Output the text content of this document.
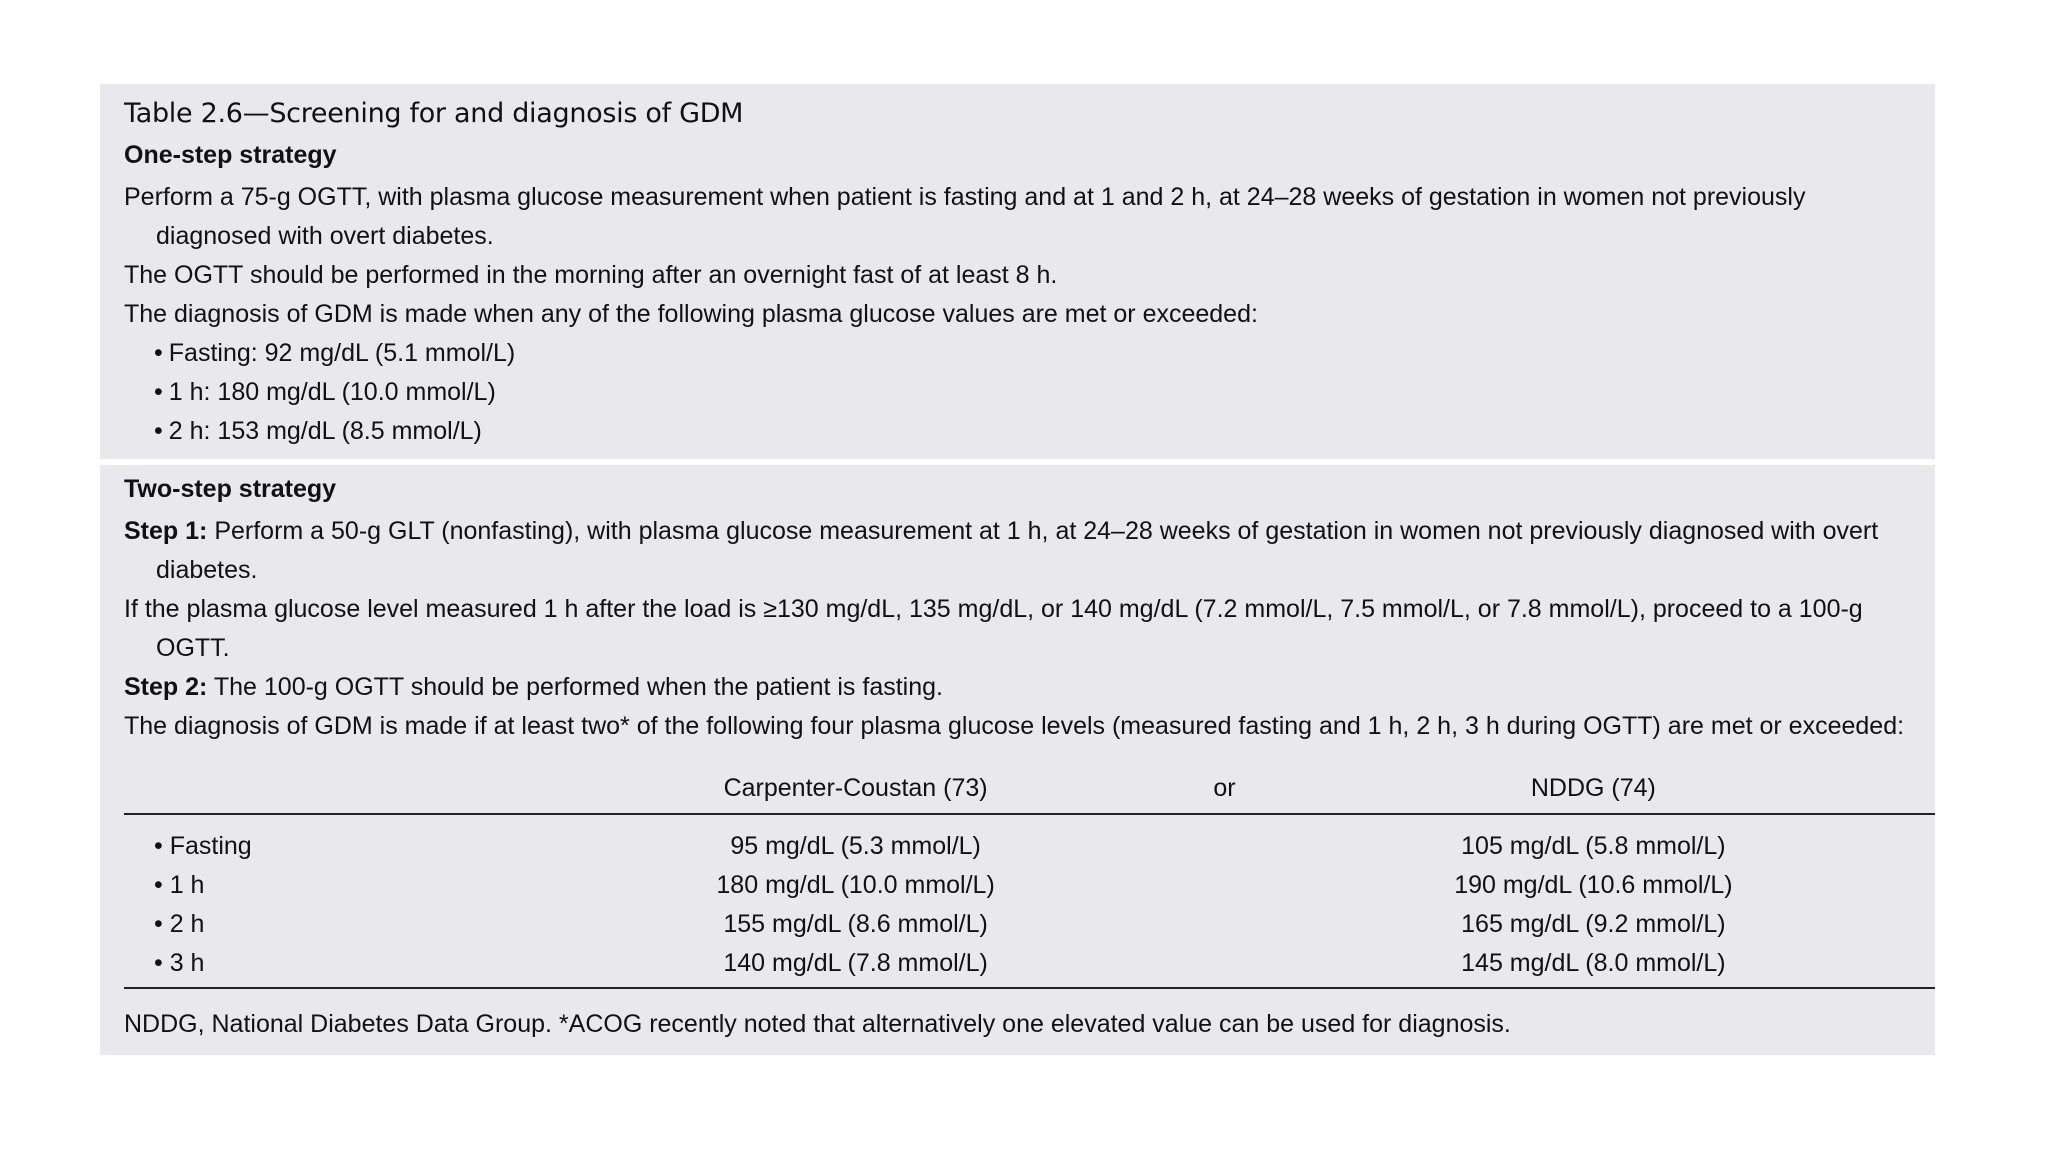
Table 2.6—Screening for and diagnosis of GDM
One-step strategy

Perform a 75-g OGTT, with plasma glucose measurement when patient is fasting and at 1 and 2 h, at 24–28 weeks of gestation in women not previously diagnosed with overt diabetes.

The OGTT should be performed in the morning after an overnight fast of at least 8 h.

The diagnosis of GDM is made when any of the following plasma glucose values are met or exceeded:

• Fasting: 92 mg/dL (5.1 mmol/L)

• 1 h: 180 mg/dL (10.0 mmol/L)

• 2 h: 153 mg/dL (8.5 mmol/L)

Two-step strategy

Step 1: Perform a 50-g GLT (nonfasting), with plasma glucose measurement at 1 h, at 24–28 weeks of gestation in women not previously diagnosed with overt diabetes.

If the plasma glucose level measured 1 h after the load is ≥130 mg/dL, 135 mg/dL, or 140 mg/dL (7.2 mmol/L, 7.5 mmol/L, or 7.8 mmol/L), proceed to a 100-g OGTT.

Step 2: The 100-g OGTT should be performed when the patient is fasting.

The diagnosis of GDM is made if at least two* of the following four plasma glucose levels (measured fasting and 1 h, 2 h, 3 h during OGTT) are met or exceeded:

	Carpenter-Coustan (73)	or	NDDG (74)
• Fasting	95 mg/dL (5.3 mmol/L)		105 mg/dL (5.8 mmol/L)
• 1 h	180 mg/dL (10.0 mmol/L)		190 mg/dL (10.6 mmol/L)
• 2 h	155 mg/dL (8.6 mmol/L)		165 mg/dL (9.2 mmol/L)
• 3 h	140 mg/dL (7.8 mmol/L)		145 mg/dL (8.0 mmol/L)
NDDG, National Diabetes Data Group. *ACOG recently noted that alternatively one elevated value can be used for diagnosis.
